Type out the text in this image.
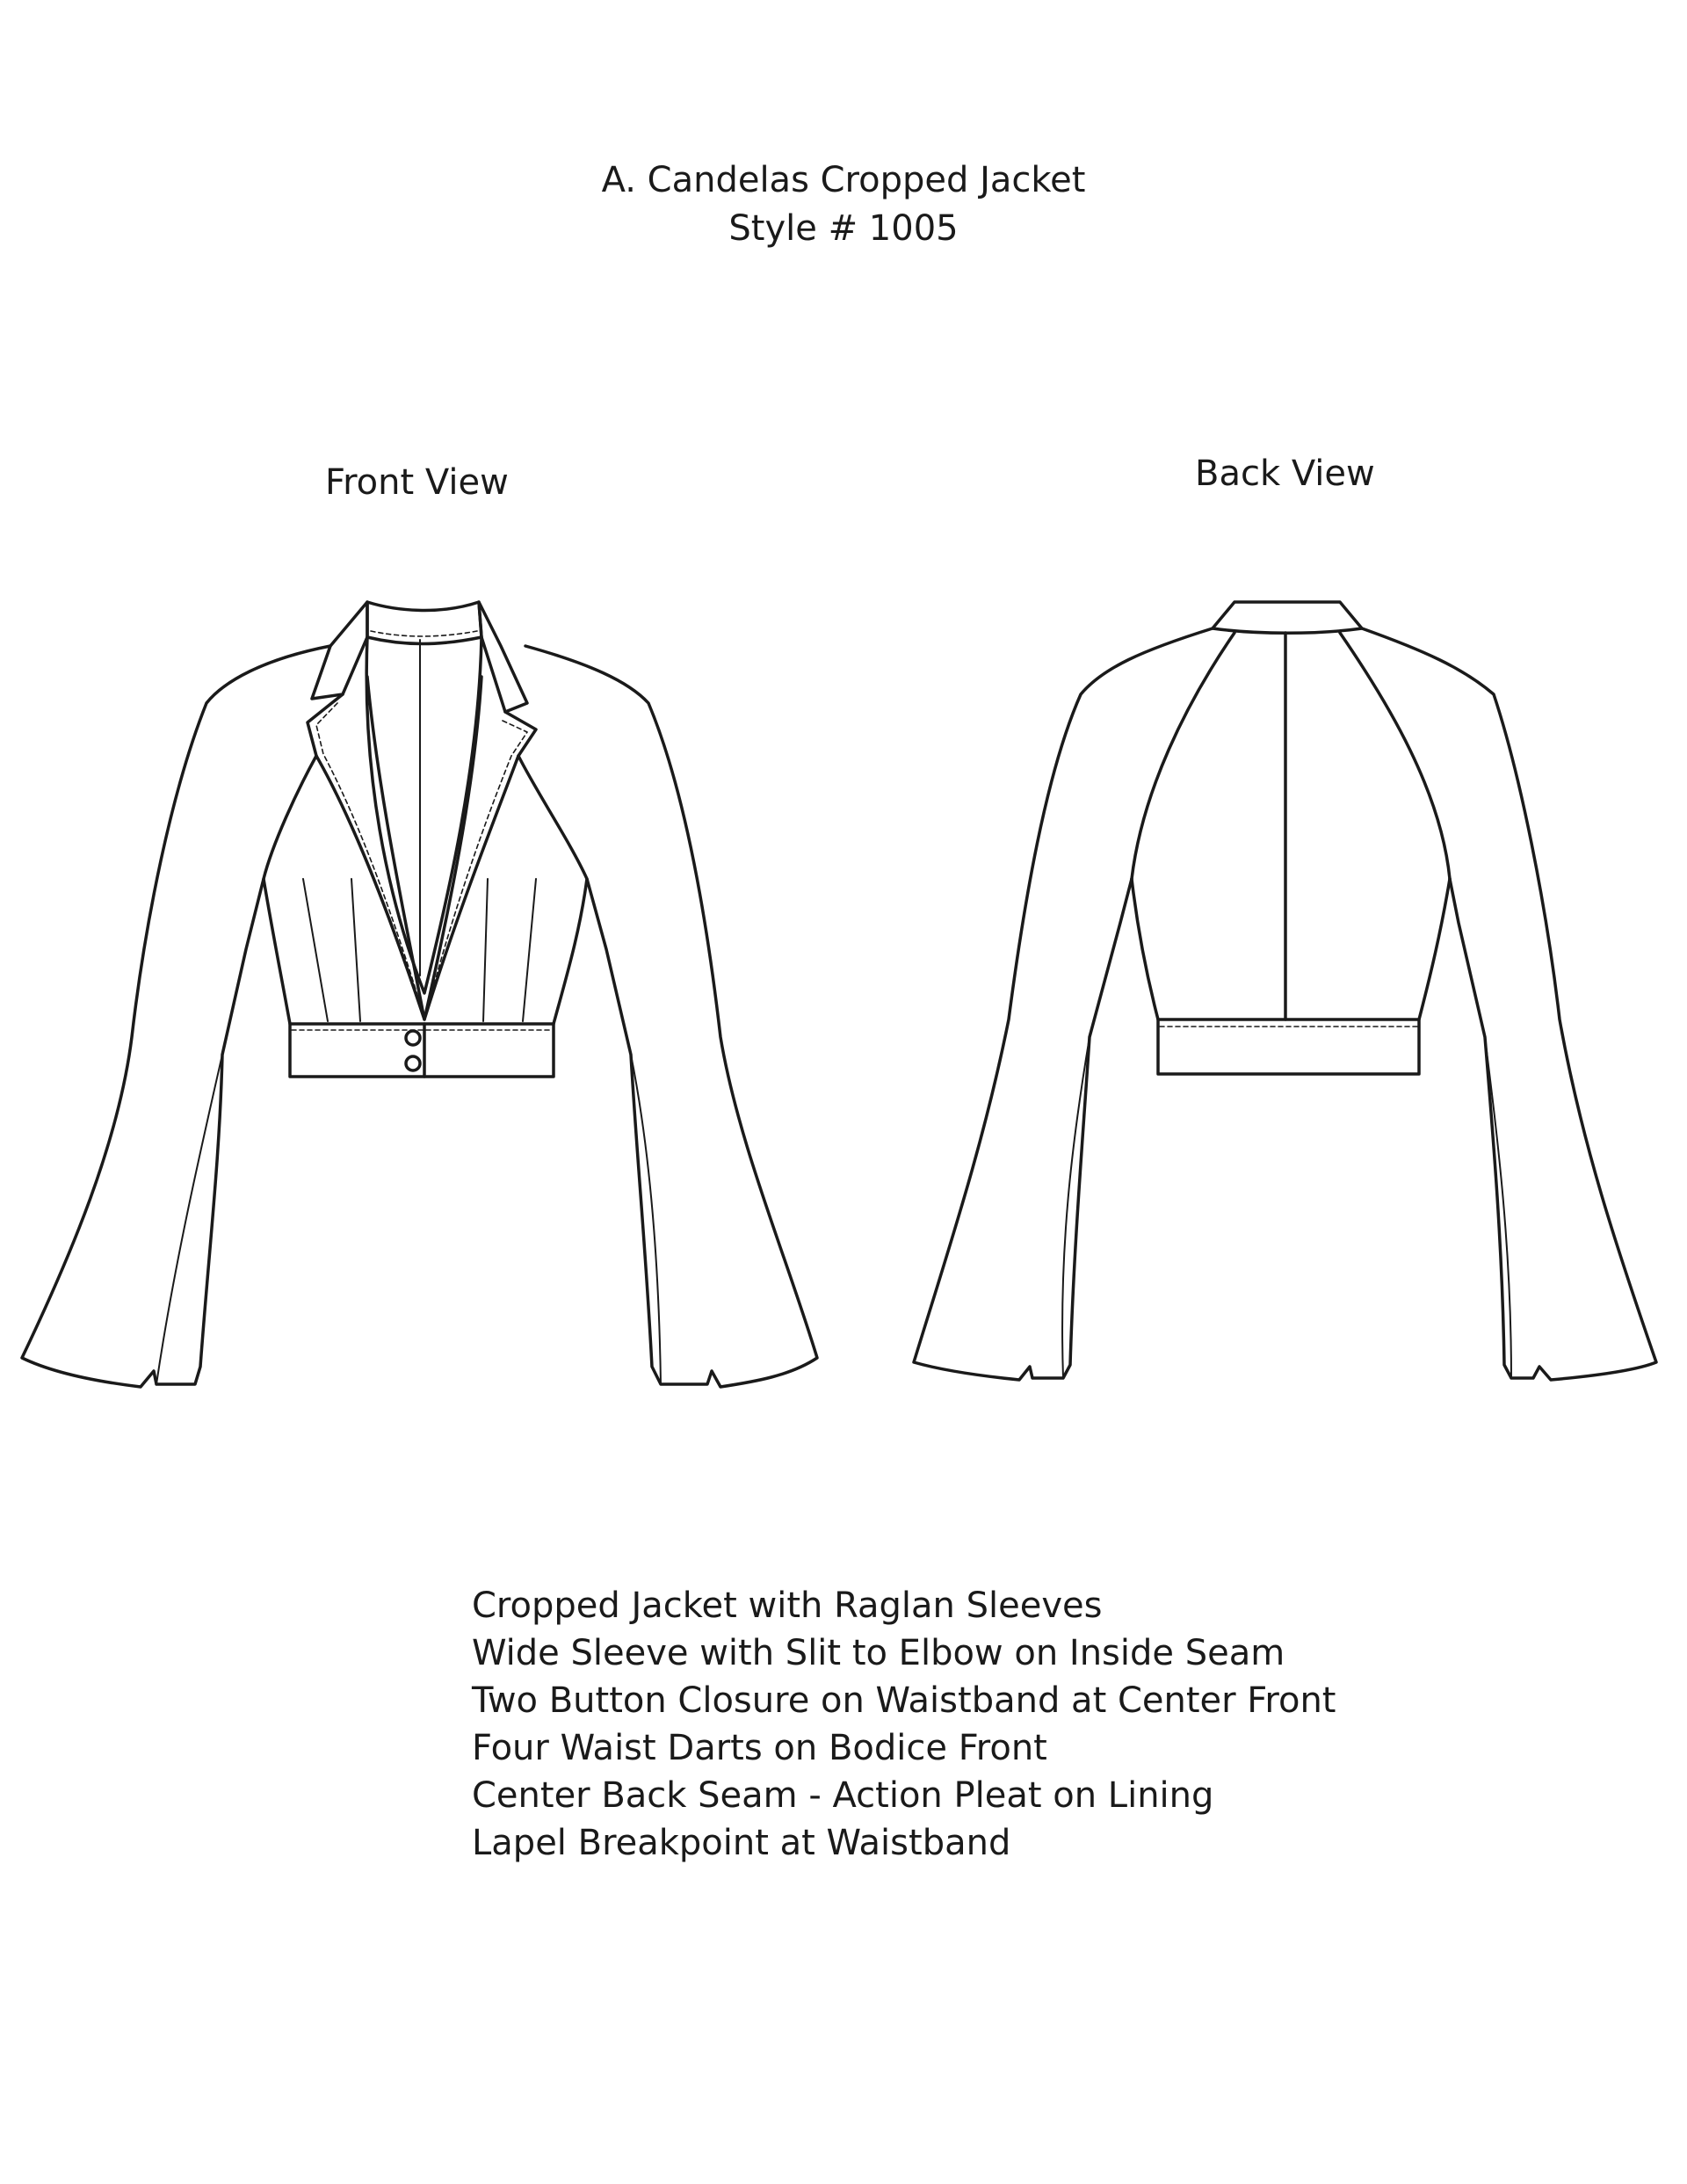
A. Candelas Cropped Jacket
Style # 1005
Front View	Back View
Cropped Jacket with Raglan Sleeves
Wide Sleeve with Slit to Elbow on Inside Seam
Two Button Closure on Waistband at Center Front
Four Waist Darts on Bodice Front
Center Back Seam - Action Pleat on Lining
Lapel Breakpoint at Waistband
